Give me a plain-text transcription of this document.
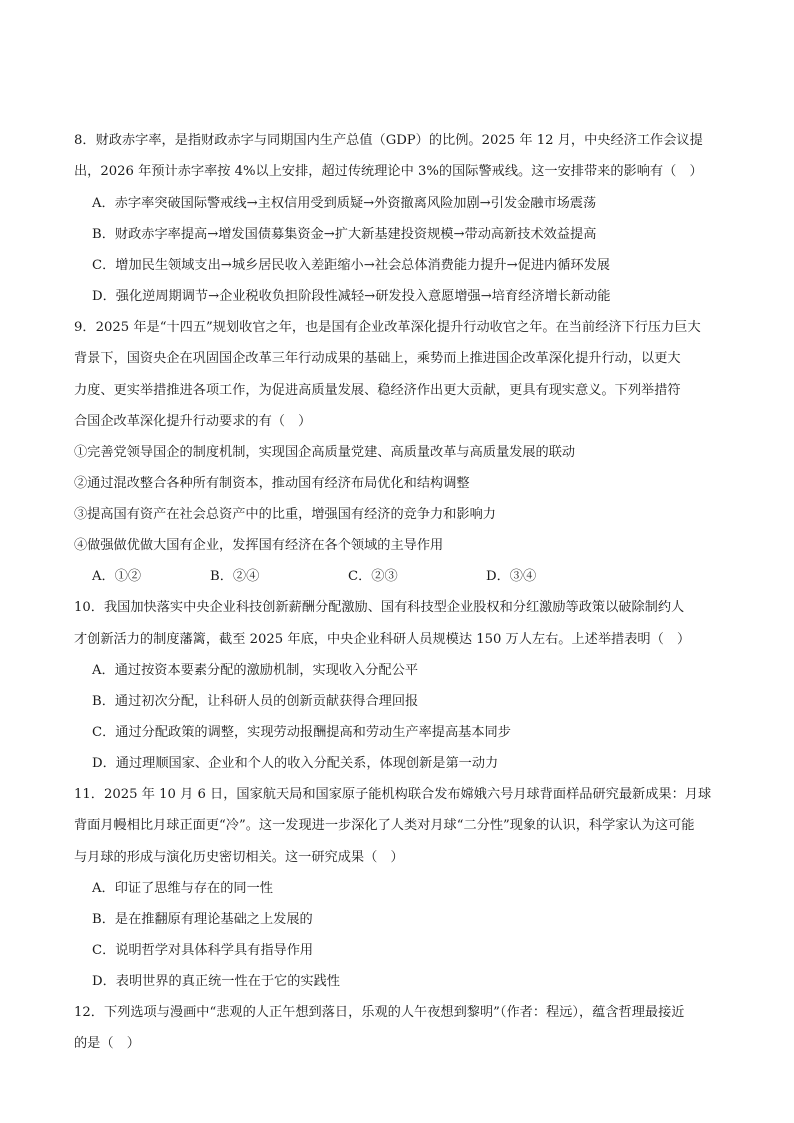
8．财政赤字率，是指财政赤字与同期国内生产总值（GDP）的比例。2025 年 12 月，中央经济工作会议提
出，2026 年预计赤字率按 4%以上安排，超过传统理论中 3%的国际警戒线。这一安排带来的影响有（　）
A．赤字率突破国际警戒线→主权信用受到质疑→外资撤离风险加剧→引发金融市场震荡
B．财政赤字率提高→增发国债募集资金→扩大新基建投资规模→带动高新技术效益提高
C．增加民生领域支出→城乡居民收入差距缩小→社会总体消费能力提升→促进内循环发展
D．强化逆周期调节→企业税收负担阶段性减轻→研发投入意愿增强→培育经济增长新动能
9．2025 年是“十四五”规划收官之年，也是国有企业改革深化提升行动收官之年。在当前经济下行压力巨大
背景下，国资央企在巩固国企改革三年行动成果的基础上，乘势而上推进国企改革深化提升行动，以更大
力度、更实举措推进各项工作，为促进高质量发展、稳经济作出更大贡献，更具有现实意义。下列举措符
合国企改革深化提升行动要求的有（　）
①完善党领导国企的制度机制，实现国企高质量党建、高质量改革与高质量发展的联动
②通过混改整合各种所有制资本，推动国有经济布局优化和结构调整
③提高国有资产在社会总资产中的比重，增强国有经济的竞争力和影响力
④做强做优做大国有企业，发挥国有经济在各个领域的主导作用
A．①②	B．②④	C．②③	D．③④
10．我国加快落实中央企业科技创新薪酬分配激励、国有科技型企业股权和分红激励等政策以破除制约人
才创新活力的制度藩篱，截至 2025 年底，中央企业科研人员规模达 150 万人左右。上述举措表明（　）
A．通过按资本要素分配的激励机制，实现收入分配公平
B．通过初次分配，让科研人员的创新贡献获得合理回报
C．通过分配政策的调整，实现劳动报酬提高和劳动生产率提高基本同步
D．通过理顺国家、企业和个人的收入分配关系，体现创新是第一动力
11．2025 年 10 月 6 日，国家航天局和国家原子能机构联合发布嫦娥六号月球背面样品研究最新成果：月球
背面月幔相比月球正面更“冷”。这一发现进一步深化了人类对月球“二分性”现象的认识，科学家认为这可能
与月球的形成与演化历史密切相关。这一研究成果（　）
A．印证了思维与存在的同一性
B．是在推翻原有理论基础之上发展的
C．说明哲学对具体科学具有指导作用
D．表明世界的真正统一性在于它的实践性
12．下列选项与漫画中“悲观的人正午想到落日，乐观的人午夜想到黎明”（作者：程远），蕴含哲理最接近
的是（　）
